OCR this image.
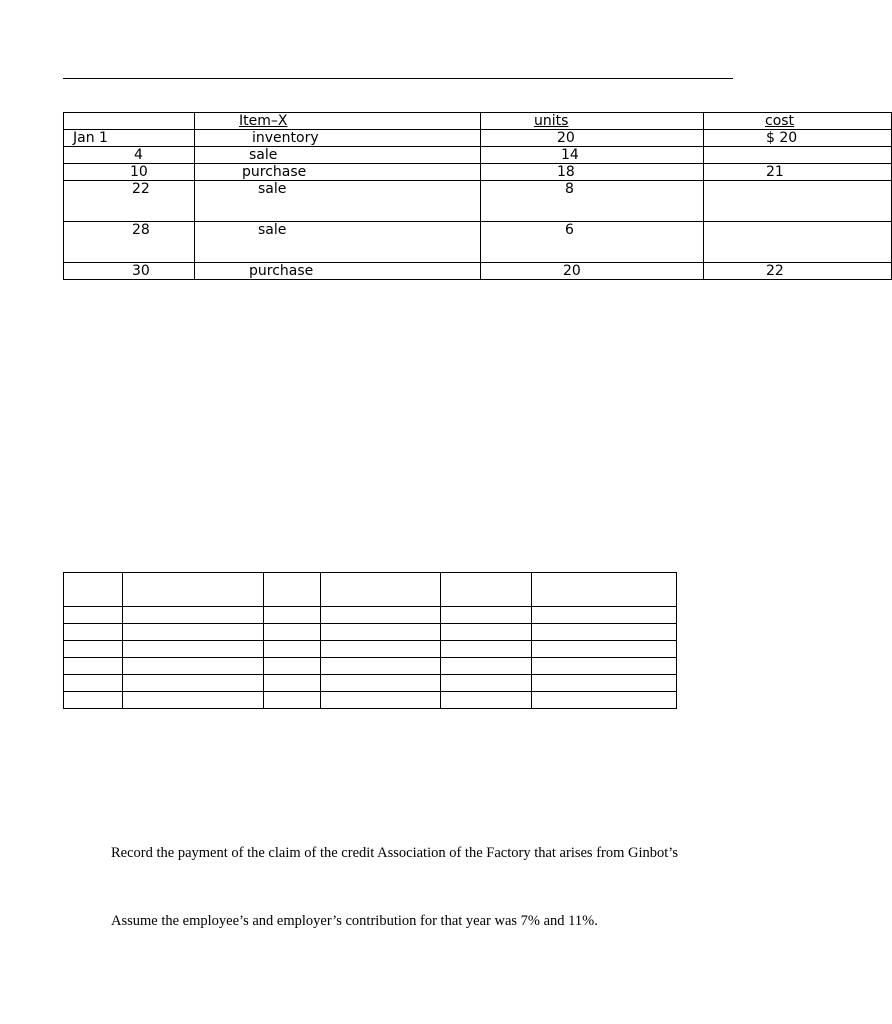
	Item–X	units	cost
Jan 1	inventory	20	$ 20
4	sale	14	
10	purchase	18	21
22	sale	8	
28	sale	6	
30	purchase	20	22

Record the payment of the claim of the credit Association of the Factory that arises from Ginbot’s
Assume the employee’s and employer’s contribution for that year was 7% and 11%.
